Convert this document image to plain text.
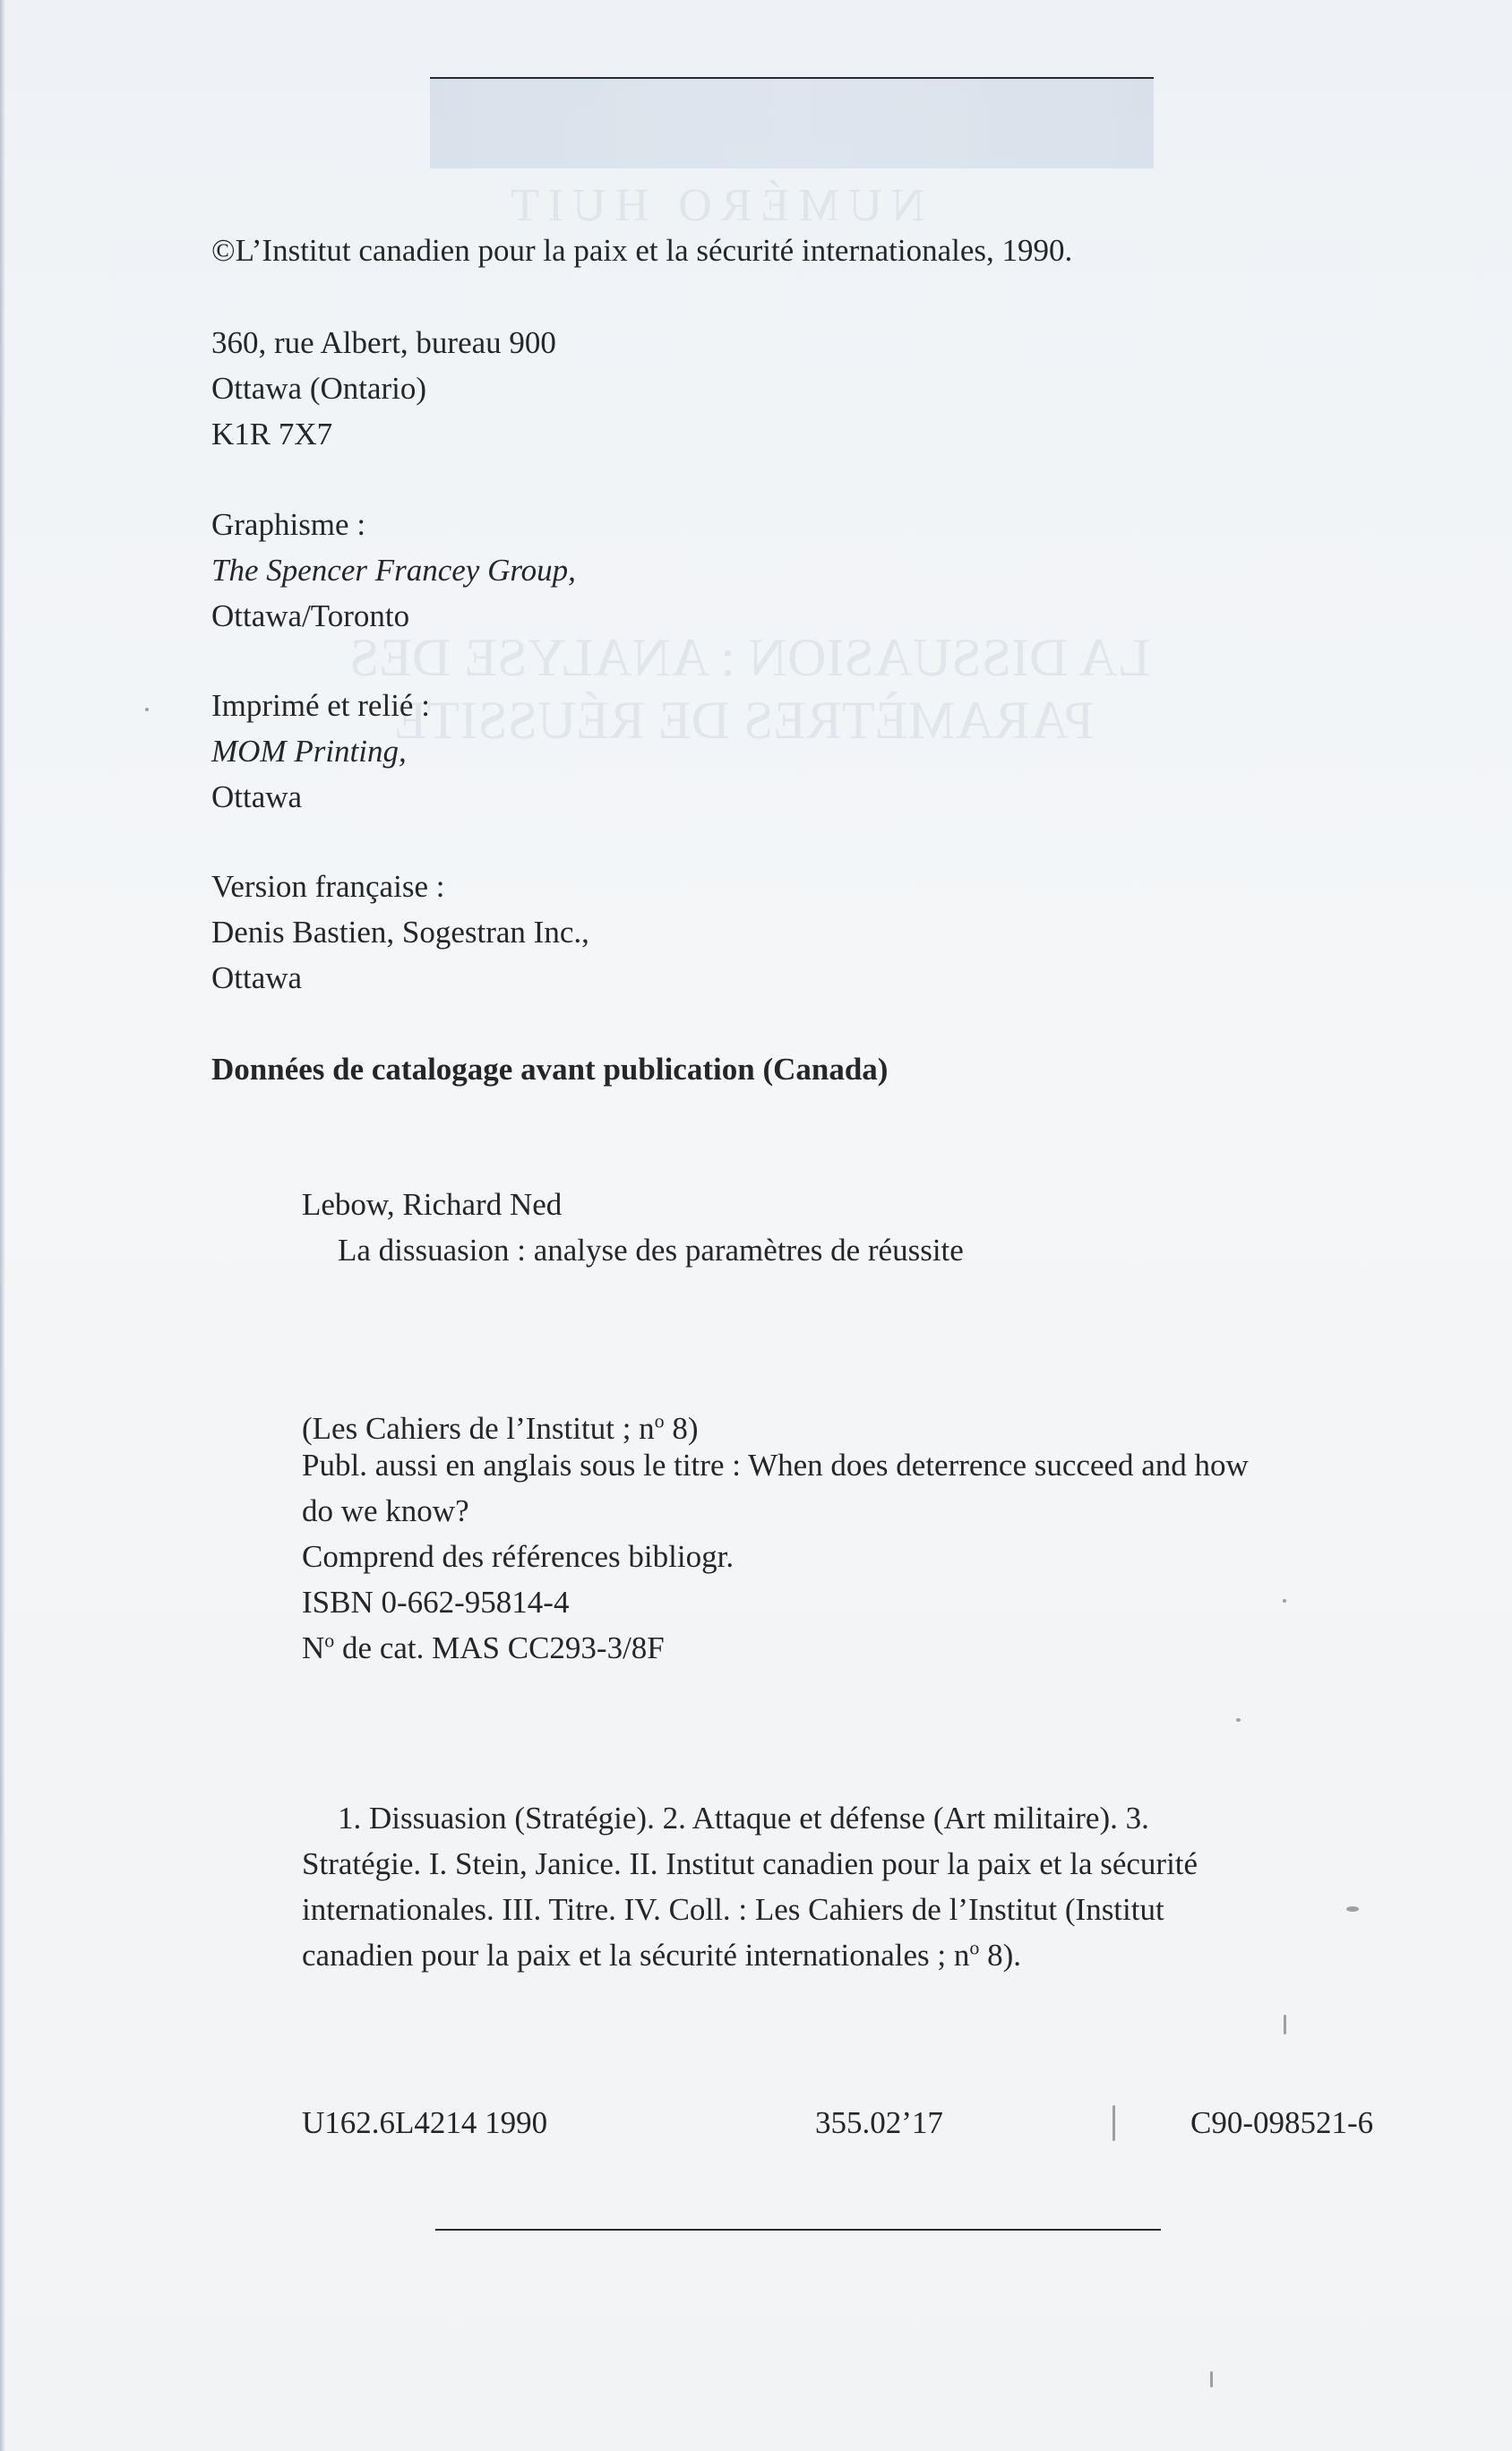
LA DISSUASION : ANALYSE DES
PARAMÈTRES DE RÉUSSITE
NUMÉRO HUIT
©L’Institut canadien pour la paix et la sécurité internationales, 1990.
360, rue Albert, bureau 900
Ottawa (Ontario)
K1R 7X7
Graphisme :
The Spencer Francey Group,
Ottawa/Toronto
Imprimé et relié :
MOM Printing,
Ottawa
Version française :
Denis Bastien, Sogestran Inc.,
Ottawa
Données de catalogage avant publication (Canada)
Lebow, Richard Ned
La dissuasion : analyse des paramètres de réussite
(Les Cahiers de l’Institut ; $n^o$ 8)
Publ. aussi en anglais sous le titre : When does deterrence succeed and how
do we know?
Comprend des références bibliogr.
ISBN 0-662-95814-4
$N^o$ de cat. MAS CC293-3/8F
1. Dissuasion (Stratégie). 2. Attaque et défense (Art militaire). 3.
Stratégie. I. Stein, Janice. II. Institut canadien pour la paix et la sécurité
internationales. III. Titre. IV. Coll. : Les Cahiers de l’Institut (Institut
canadien pour la paix et la sécurité internationales ; $n^o$ 8).
U162.6L4214 1990	355.02’17	C90-098521-6
